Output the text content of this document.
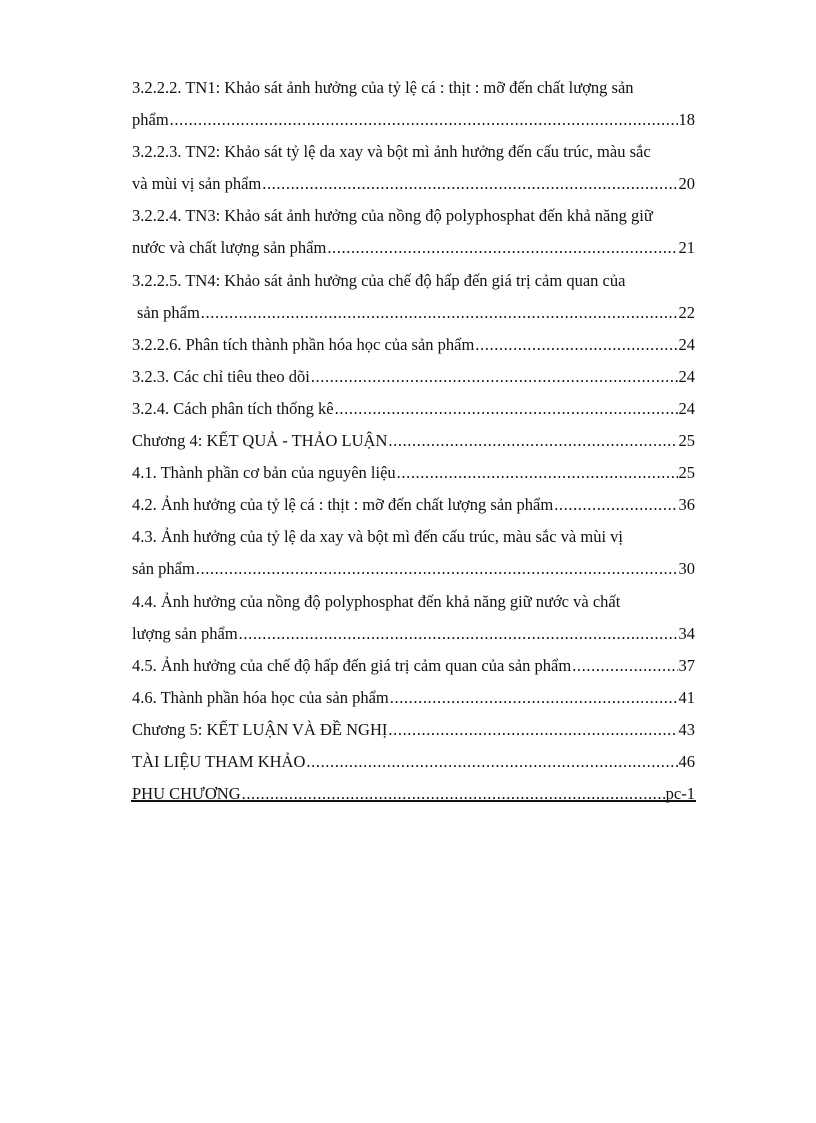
3.2.2.2. TN1: Khảo sát ảnh hưởng của tỷ lệ cá : thịt : mỡ đến chất lượng sản
phẩm .....	18
3.2.2.3. TN2: Khảo sát tỷ lệ da xay và bột mì ảnh hưởng đến cấu trúc, màu sắc
và mùi vị sản phẩm .....	20
3.2.2.4. TN3: Khảo sát ảnh hưởng của nồng độ polyphosphat đến khả năng giữ
nước và chất lượng sản phẩm .....	21
3.2.2.5. TN4: Khảo sát ảnh hưởng của chế độ hấp đến giá trị cảm quan của
sản phẩm .....	22
3.2.2.6. Phân tích thành phần hóa học của sản phẩm .....	24
3.2.3. Các chỉ tiêu theo dõi .....	24
3.2.4. Cách phân tích thống kê .....	24
Chương 4: KẾT QUẢ - THẢO LUẬN .....	25
4.1. Thành phần cơ bản của nguyên liệu .....	25
4.2. Ảnh hưởng của tỷ lệ cá : thịt : mỡ đến chất lượng sản phẩm .....	36
4.3. Ảnh hưởng của tỷ lệ da xay và bột mì đến cấu trúc, màu sắc và mùi vị
sản phẩm .....	30
4.4. Ảnh hưởng của nồng độ polyphosphat đến khả năng giữ nước và chất
lượng sản phẩm .....	34
4.5. Ảnh hưởng của chế độ hấp đến giá trị cảm quan của sản phẩm .....	37
4.6. Thành phần hóa học của sản phẩm .....	41
Chương 5: KẾT LUẬN VÀ ĐỀ NGHỊ .....	43
TÀI LIỆU THAM KHẢO .....	46
PHỤ CHƯƠNG .....	pc-1
